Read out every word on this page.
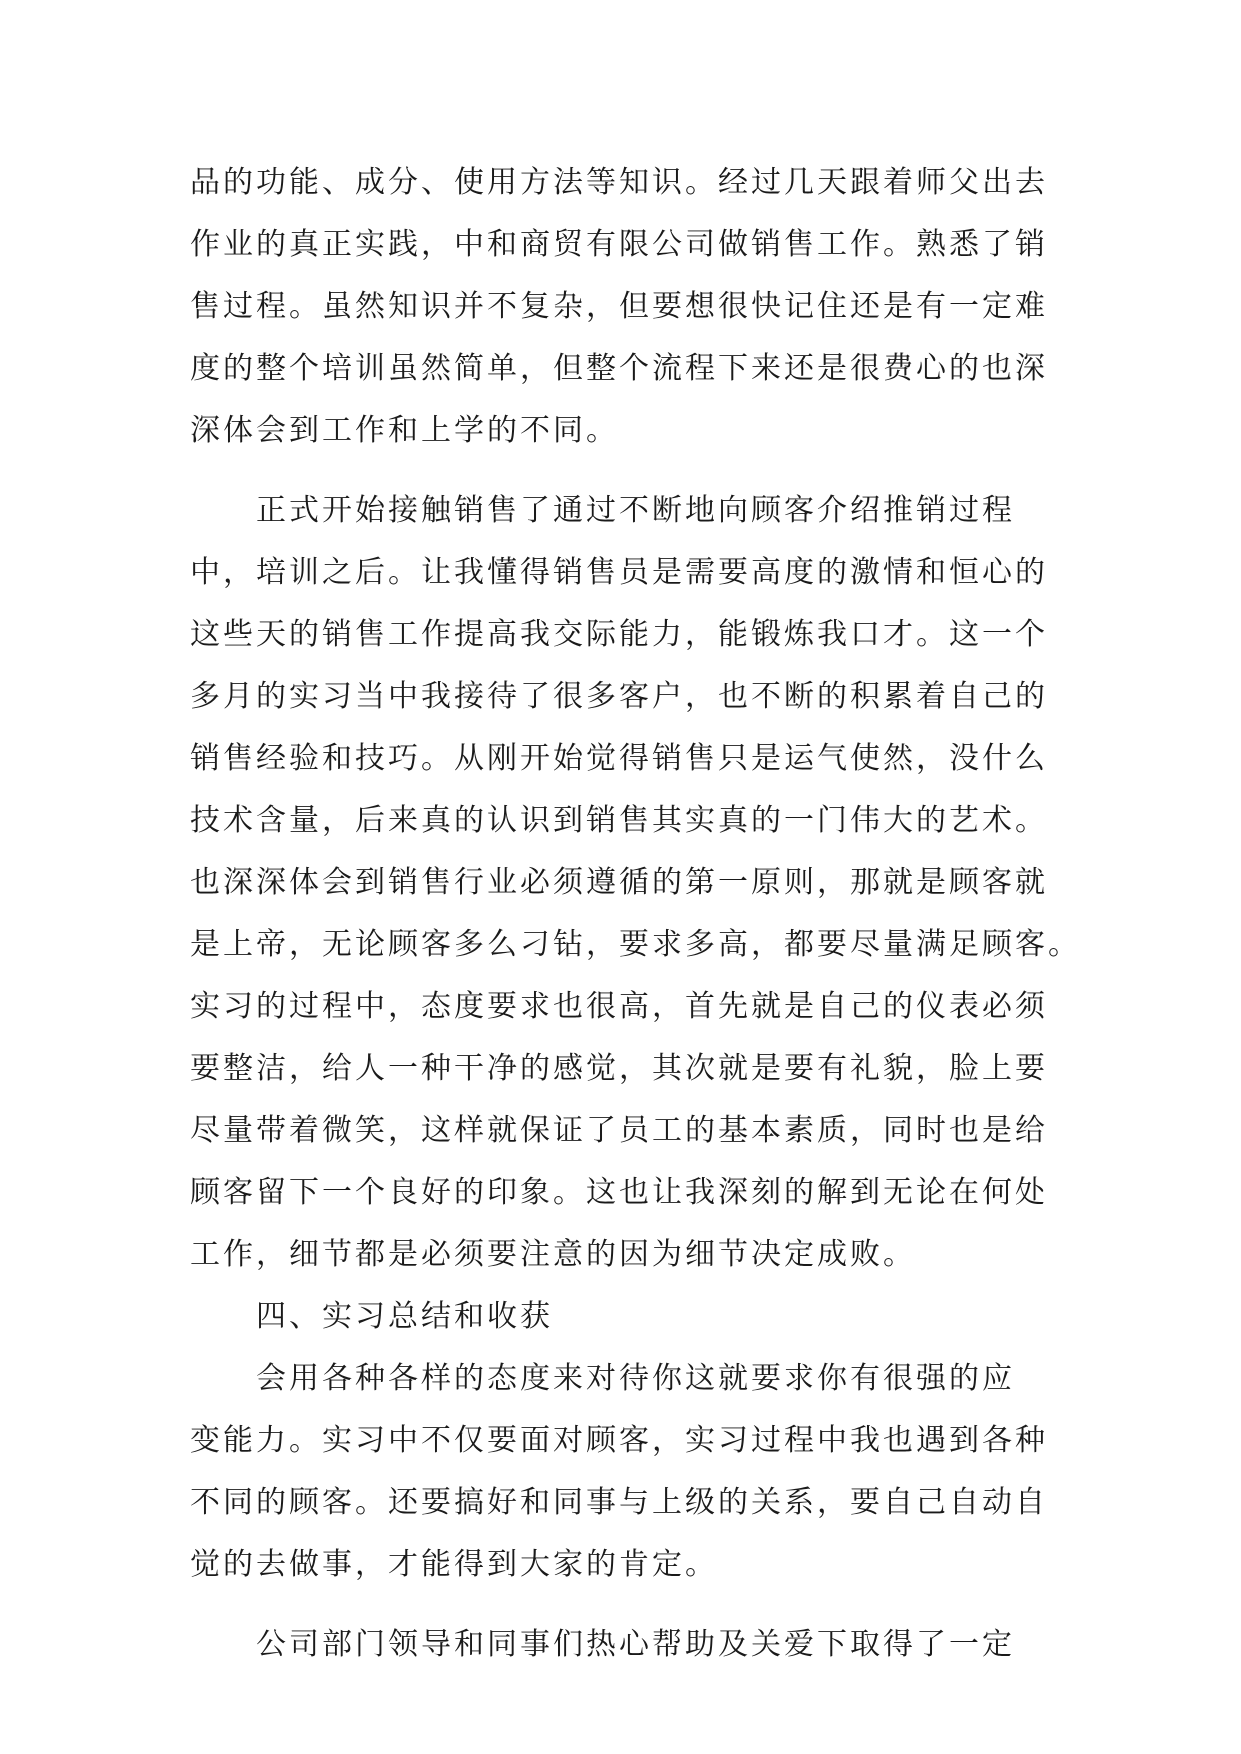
品的功能、成分、使用方法等知识。经过几天跟着师父出去
作业的真正实践，中和商贸有限公司做销售工作。熟悉了销
售过程。虽然知识并不复杂，但要想很快记住还是有一定难
度的整个培训虽然简单，但整个流程下来还是很费心的也深
深体会到工作和上学的不同。
　　正式开始接触销售了通过不断地向顾客介绍推销过程
中，培训之后。让我懂得销售员是需要高度的激情和恒心的
这些天的销售工作提高我交际能力，能锻炼我口才。这一个
多月的实习当中我接待了很多客户，也不断的积累着自己的
销售经验和技巧。从刚开始觉得销售只是运气使然，没什么
技术含量，后来真的认识到销售其实真的一门伟大的艺术。
也深深体会到销售行业必须遵循的第一原则，那就是顾客就
是上帝，无论顾客多么刁钻，要求多高，都要尽量满足顾客。
实习的过程中，态度要求也很高，首先就是自己的仪表必须
要整洁，给人一种干净的感觉，其次就是要有礼貌，脸上要
尽量带着微笑，这样就保证了员工的基本素质，同时也是给
顾客留下一个良好的印象。这也让我深刻的解到无论在何处
工作，细节都是必须要注意的因为细节决定成败。
　　四、实习总结和收获
　　会用各种各样的态度来对待你这就要求你有很强的应
变能力。实习中不仅要面对顾客，实习过程中我也遇到各种
不同的顾客。还要搞好和同事与上级的关系，要自己自动自
觉的去做事，才能得到大家的肯定。
　　公司部门领导和同事们热心帮助及关爱下取得了一定
